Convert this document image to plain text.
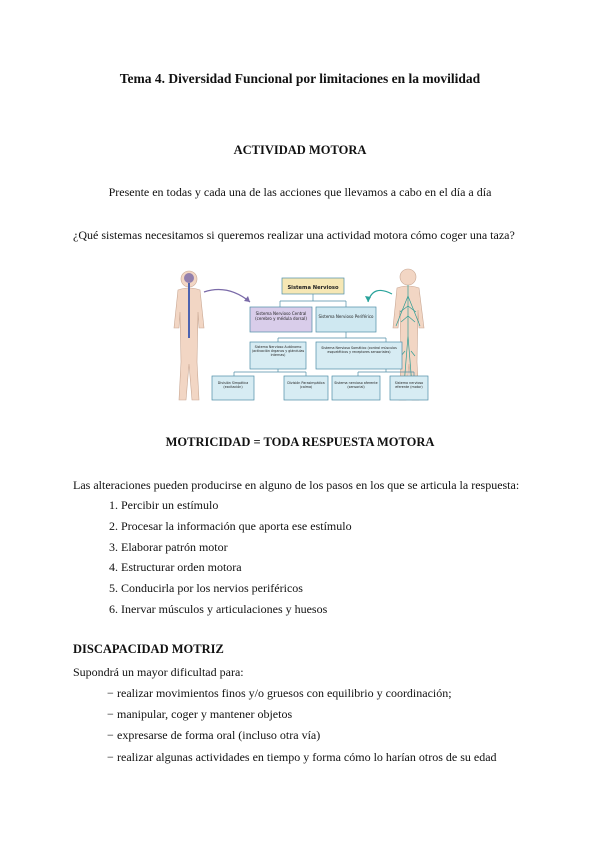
Tema 4. Diversidad Funcional por limitaciones en la movilidad
ACTIVIDAD MOTORA
Presente en todas y cada una de las acciones que llevamos a cabo en el día a día
¿Qué sistemas necesitamos si queremos realizar una actividad motora cómo coger una taza?
Sistema Nervioso
Sistema Nervioso Central (cerebro y médula dorsal)	Sistema Nervioso Periférico
Sistema Nervioso Autónomo (activación órganos y glándulas internas)
Sistema Nervioso Somático (control músculos esqueléticos y receptores sensoriales)
División Simpática (excitación)
División Parasimpática (calma)
Sistema nervioso aferente (sensorial)
Sistema nervioso eferente (motor)
MOTRICIDAD = TODA RESPUESTA MOTORA
Las alteraciones pueden producirse en alguno de los pasos en los que se articula la respuesta:
1. Percibir un estímulo
2. Procesar la información que aporta ese estímulo
3. Elaborar patrón motor
4. Estructurar orden motora
5. Conducirla por los nervios periféricos
6. Inervar músculos y articulaciones y huesos
DISCAPACIDAD MOTRIZ
Supondrá un mayor dificultad para:
− realizar movimientos finos y/o gruesos con equilibrio y coordinación;
− manipular, coger y mantener objetos
− expresarse de forma oral (incluso otra vía)
− realizar algunas actividades en tiempo y forma cómo lo harían otros de su edad
